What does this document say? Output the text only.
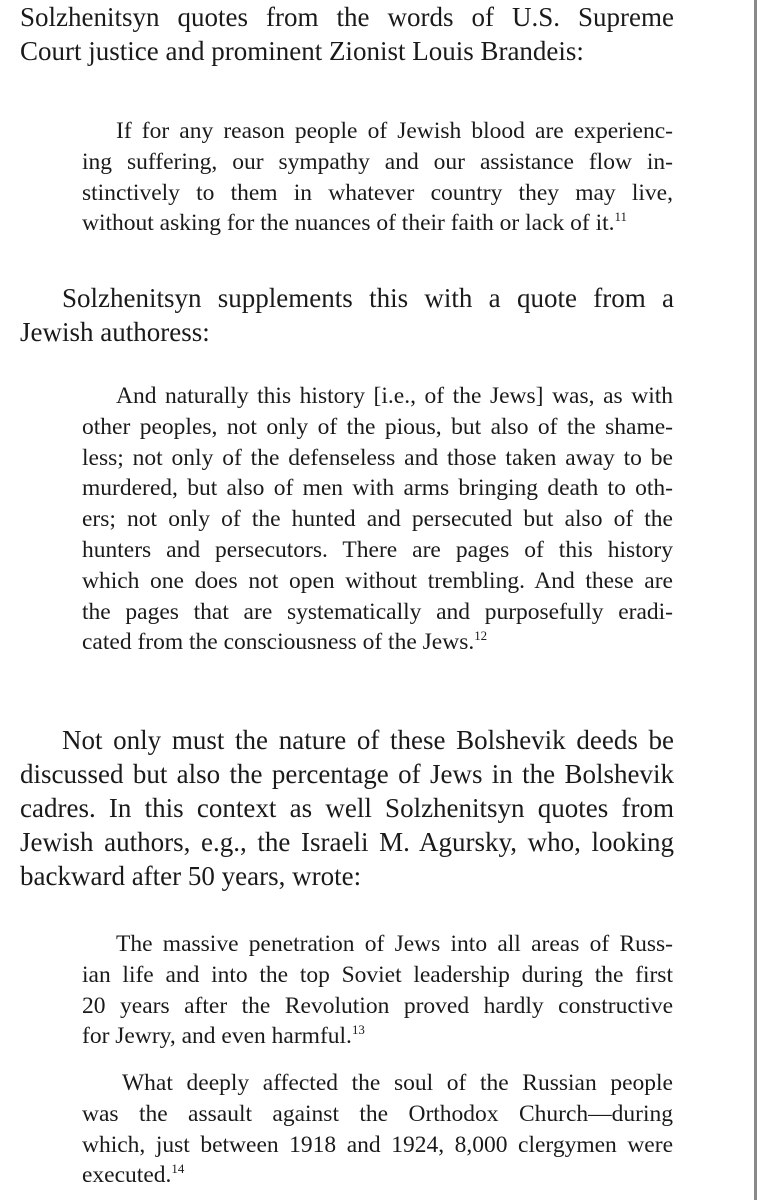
Solzhenitsyn quotes from the words of U.S. Supreme
Court justice and prominent Zionist Louis Brandeis:
If for any reason people of Jewish blood are experienc-
ing suffering, our sympathy and our assistance flow in-
stinctively to them in whatever country they may live,
without asking for the nuances of their faith or lack of it.$^{11}$
Solzhenitsyn supplements this with a quote from a
Jewish authoress:
And naturally this history [i.e., of the Jews] was, as with
other peoples, not only of the pious, but also of the shame-
less; not only of the defenseless and those taken away to be
murdered, but also of men with arms bringing death to oth-
ers; not only of the hunted and persecuted but also of the
hunters and persecutors. There are pages of this history
which one does not open without trembling. And these are
the pages that are systematically and purposefully eradi-
cated from the consciousness of the Jews.$^{12}$
Not only must the nature of these Bolshevik deeds be
discussed but also the percentage of Jews in the Bolshevik
cadres. In this context as well Solzhenitsyn quotes from
Jewish authors, e.g., the Israeli M. Agursky, who, looking
backward after 50 years, wrote:
The massive penetration of Jews into all areas of Russ-
ian life and into the top Soviet leadership during the first
20 years after the Revolution proved hardly constructive
for Jewry, and even harmful.$^{13}$
What deeply affected the soul of the Russian people
was the assault against the Orthodox Church—during
which, just between 1918 and 1924, 8,000 clergymen were
executed.$^{14}$
